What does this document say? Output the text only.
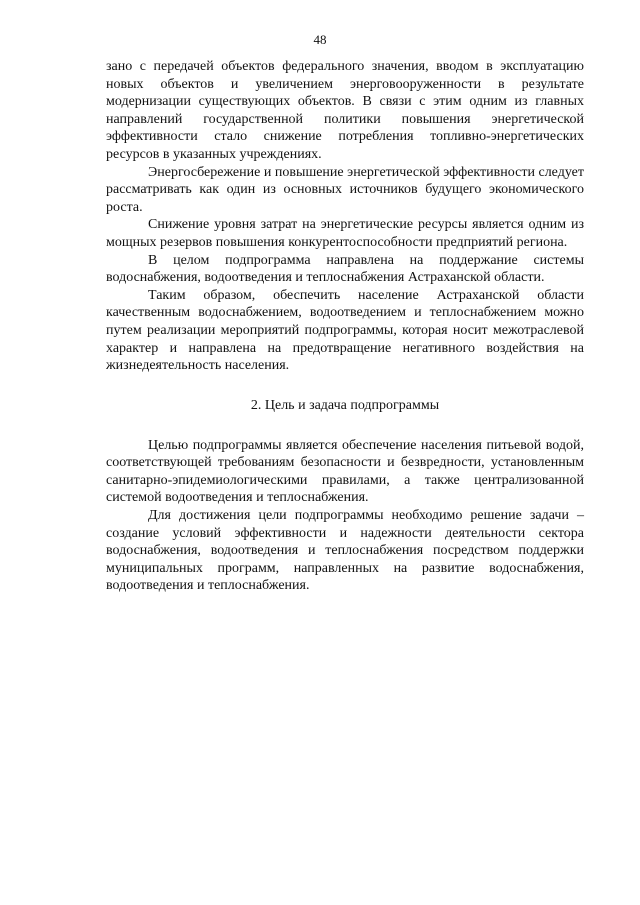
48

зано с передачей объектов федерального значения, вводом в эксплуатацию новых объектов и увеличением энерговооруженности в результате модернизации существующих объектов. В связи с этим одним из главных направлений государственной политики повышения энергетической эффективности стало снижение потребления топливно-энергетических ресурсов в указанных учреждениях.

Энергосбережение и повышение энергетической эффективности следует рассматривать как один из основных источников будущего экономического роста.

Снижение уровня затрат на энергетические ресурсы является одним из мощных резервов повышения конкурентоспособности предприятий региона.

В целом подпрограмма направлена на поддержание системы водоснабжения, водоотведения и теплоснабжения Астраханской области.

Таким образом, обеспечить население Астраханской области качественным водоснабжением, водоотведением и теплоснабжением можно путем реализации мероприятий подпрограммы, которая носит межотраслевой характер и направлена на предотвращение негативного воздействия на жизнедеятельность населения.

2. Цель и задача подпрограммы

Целью подпрограммы является обеспечение населения питьевой водой, соответствующей требованиям безопасности и безвредности, установленным санитарно-эпидемиологическими правилами, а также централизованной системой водоотведения и теплоснабжения.

Для достижения цели подпрограммы необходимо решение задачи – создание условий эффективности и надежности деятельности сектора водоснабжения, водоотведения и теплоснабжения посредством поддержки муниципальных программ, направленных на развитие водоснабжения, водоотведения и теплоснабжения.
